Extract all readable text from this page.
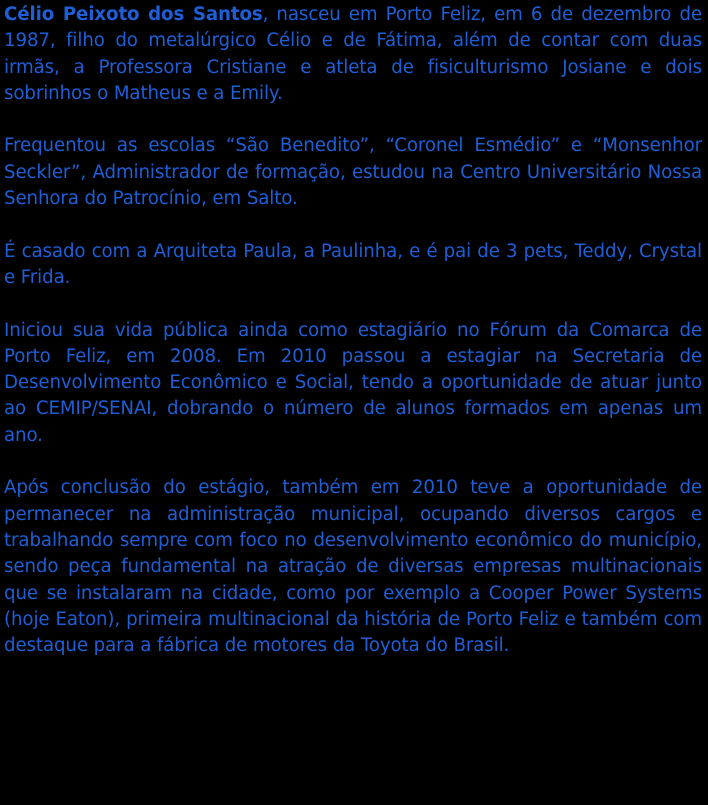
Célio Peixoto dos Santos, nasceu em Porto Feliz, em 6 de dezembro de 1987, filho do metalúrgico Célio e de Fátima, além de contar com duas irmãs, a Professora Cristiane e atleta de fisiculturismo Josiane e dois sobrinhos o Matheus e a Emily.

Frequentou as escolas “São Benedito”, “Coronel Esmédio” e “Monsenhor Seckler”, Administrador de formação, estudou na Centro Universitário Nossa Senhora do Patrocínio, em Salto.

É casado com a Arquiteta Paula, a Paulinha, e é pai de 3 pets, Teddy, Crystal e Frida.

Iniciou sua vida pública ainda como estagiário no Fórum da Comarca de Porto Feliz, em 2008. Em 2010 passou a estagiar na Secretaria de Desenvolvimento Econômico e Social, tendo a oportunidade de atuar junto ao CEMIP/SENAI, dobrando o número de alunos formados em apenas um ano.

Após conclusão do estágio, também em 2010 teve a oportunidade de permanecer na administração municipal, ocupando diversos cargos e trabalhando sempre com foco no desenvolvimento econômico do município, sendo peça fundamental na atração de diversas empresas multinacionais que se instalaram na cidade, como por exemplo a Cooper Power Systems (hoje Eaton), primeira multinacional da história de Porto Feliz e também com destaque para a fábrica de motores da Toyota do Brasil.
